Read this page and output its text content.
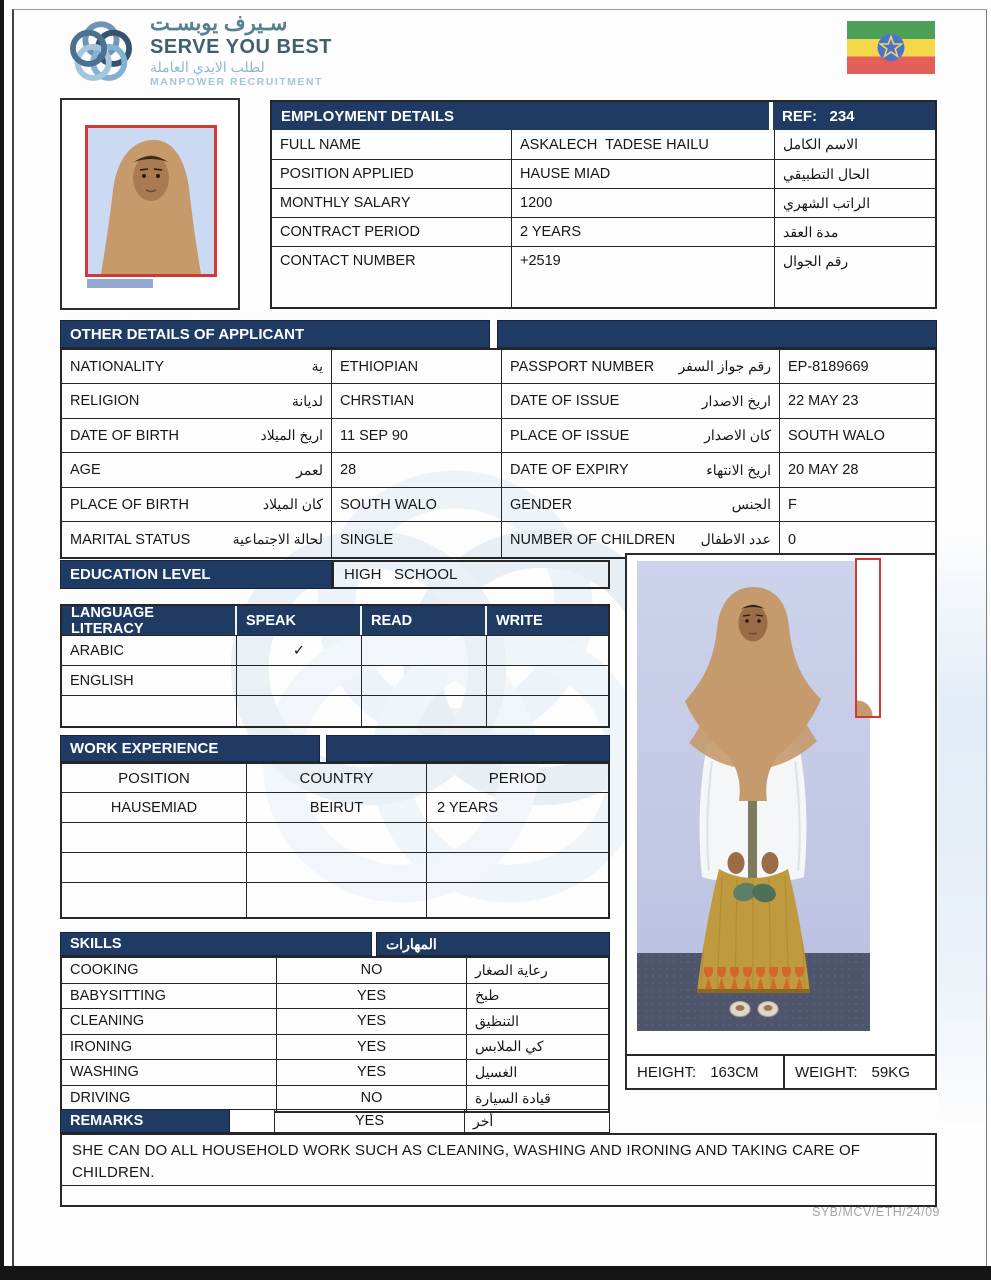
سـيرف يوبسـت
SERVE YOU BEST
لطلب الايدي العاملة
MANPOWER RECRUITMENT
EMPLOYMENT DETAILS	REF:   234
FULL NAME	ASKALECH  TADESE HAILU	الاسم الكامل
POSITION APPLIED	HAUSE MIAD	الحال التطبيقي
MONTHLY SALARY	1200	الراتب الشهري
CONTRACT PERIOD	2 YEARS	مدة العقد
CONTACT NUMBER	+2519	رقم الجوال
OTHER DETAILS OF APPLICANT
NATIONALITY	ية	ETHIOPIAN	PASSPORT NUMBER رقم جواز السفر	EP-8189669
RELIGION	لديانة	CHRSTIAN	DATE OF ISSUE	اريخ الاصدار	22 MAY 23
DATE OF BIRTH	اريخ الميلاد	11 SEP 90	PLACE OF ISSUE	كان الاصدار	SOUTH WALO
AGE	لعمر	28	DATE OF EXPIRY	اريخ الانتهاء	20 MAY 28
PLACE OF BIRTH	كان الميلاد	SOUTH WALO	GENDER	الجنس	F
MARITAL STATUS	لحالة الاجتماعية	SINGLE	NUMBER OF CHILDREN عدد الاطفال	0
EDUCATION LEVEL	HIGH   SCHOOL
LANGUAGE LITERACY	SPEAK	READ	WRITE
ARABIC	✓
ENGLISH
WORK EXPERIENCE
POSITION	COUNTRY	PERIOD
HAUSEMIAD	BEIRUT	2 YEARS
SKILLS	المهارات
COOKING	NO	رعاية الصغار
BABYSITTING	YES	طبخ
CLEANING	YES	التنظيق
IRONING	YES	كي الملابس
WASHING	YES	الغسيل
DRIVING	NO	قيادة السيارة
REMARKS	YES	أخر
SHE CAN DO ALL HOUSEHOLD WORK SUCH AS CLEANING, WASHING AND IRONING AND TAKING CARE OF CHILDREN.
SYB/MCV/ETH/24/09
HEIGHT: 163CM WEIGHT: 59KG
